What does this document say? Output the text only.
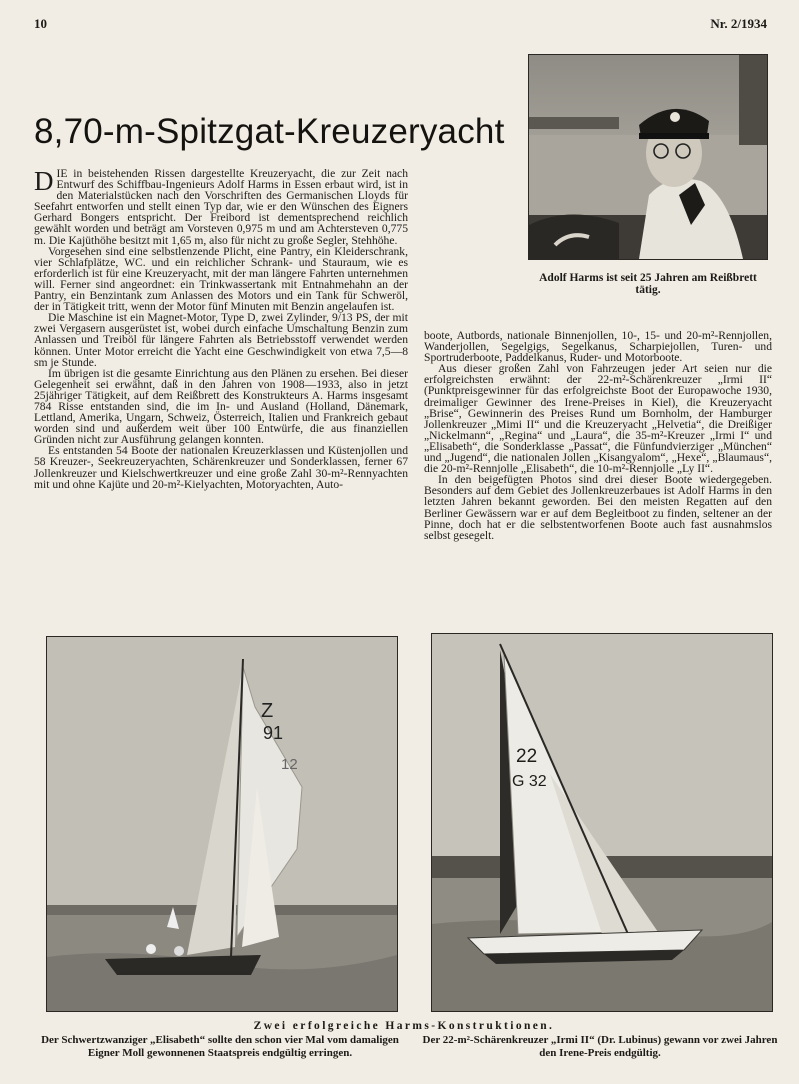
10	Nr. 2/1934
8,70-m-Spitzgat-Kreuzeryacht
Adolf Harms ist seit 25 Jahren am Reißbrett tätig.

DIE in beistehenden Rissen dargestellte Kreuzeryacht, die zur Zeit nach Entwurf des Schiffbau-Ingenieurs Adolf Harms in Essen erbaut wird, ist in den Materialstücken nach den Vorschriften des Germanischen Lloyds für Seefahrt entworfen und stellt einen Typ dar, wie er den Wünschen des Eigners Gerhard Bongers entspricht. Der Freibord ist dementsprechend reichlich gewählt worden und beträgt am Vorsteven 0,975 m und am Achtersteven 0,775 m. Die Kajüthöhe besitzt mit 1,65 m, also für nicht zu große Segler, Stehhöhe.

Vorgesehen sind eine selbstlenzende Plicht, eine Pantry, ein Kleiderschrank, vier Schlafplätze, WC. und ein reichlicher Schrank- und Stauraum, wie es erforderlich ist für eine Kreuzeryacht, mit der man längere Fahrten unternehmen will. Ferner sind angeordnet: ein Trinkwassertank mit Entnahmehahn an der Pantry, ein Benzintank zum Anlassen des Motors und ein Tank für Schweröl, der in Tätigkeit tritt, wenn der Motor fünf Minuten mit Benzin angelaufen ist.

Die Maschine ist ein Magnet-Motor, Type D, zwei Zylinder, 9/13 PS, der mit zwei Vergasern ausgerüstet ist, wobei durch einfache Umschaltung Benzin zum Anlassen und Treiböl für längere Fahrten als Betriebsstoff verwendet werden können. Unter Motor erreicht die Yacht eine Geschwindigkeit von etwa 7,5—8 sm je Stunde.

Im übrigen ist die gesamte Einrichtung aus den Plänen zu ersehen. Bei dieser Gelegenheit sei erwähnt, daß in den Jahren von 1908—1933, also in jetzt 25jähriger Tätigkeit, auf dem Reißbrett des Konstrukteurs A. Harms insgesamt 784 Risse entstanden sind, die im In- und Ausland (Holland, Dänemark, Lettland, Amerika, Ungarn, Schweiz, Österreich, Italien und Frankreich gebaut worden sind und außerdem weit über 100 Entwürfe, die aus finanziellen Gründen nicht zur Ausführung gelangen konnten.

Es entstanden 54 Boote der nationalen Kreuzerklassen und Küstenjollen und 58 Kreuzer-, Seekreuzeryachten, Schärenkreuzer und Sonderklassen, ferner 67 Jollenkreuzer und Kielschwertkreuzer und eine große Zahl 30-m²-Rennyachten mit und ohne Kajüte und 20-m²-Kielyachten, Motoryachten, Auto-

boote, Autbords, nationale Binnenjollen, 10-, 15- und 20-m²-Rennjollen, Wanderjollen, Segelgigs, Segelkanus, Scharpiejollen, Turen- und Sportruderboote, Paddelkanus, Ruder- und Motorboote.

Aus dieser großen Zahl von Fahrzeugen jeder Art seien nur die erfolgreichsten erwähnt: der 22-m²-Schärenkreuzer „Irmi II“ (Punktpreisgewinner für das erfolgreichste Boot der Europawoche 1930, dreimaliger Gewinner des Irene-Preises in Kiel), die Kreuzeryacht „Brise“, Gewinnerin des Preises Rund um Bornholm, der Hamburger Jollenkreuzer „Mimi II“ und die Kreuzeryacht „Helvetia“, die Dreißiger „Nickelmann“, „Regina“ und „Laura“, die 35-m²-Kreuzer „Irmi I“ und „Elisabeth“, die Sonderklasse „Passat“, die Fünfundvierziger „München“ und „Jugend“, die nationalen Jollen „Kisangyalom“, „Hexe“, „Blaumaus“, die 20-m²-Rennjolle „Elisabeth“, die 10-m²-Rennjolle „Ly II“.

In den beigefügten Photos sind drei dieser Boote wiedergegeben. Besonders auf dem Gebiet des Jollenkreuzerbaues ist Adolf Harms in den letzten Jahren bekannt geworden. Bei den meisten Regatten auf den Berliner Gewässern war er auf dem Begleitboot zu finden, seltener an der Pinne, doch hat er die selbstentworfenen Boote auch fast ausnahmslos selbst gesegelt.

Z
91
12	22
G 32
Zwei erfolgreiche Harms-Konstruktionen.
Der Schwertzwanziger „Elisabeth“ sollte den schon vier Mal vom damaligen Eigner Moll gewonnenen Staatspreis endgültig erringen.
Der 22-m²-Schärenkreuzer „Irmi II“ (Dr. Lubinus) gewann vor zwei Jahren den Irene-Preis endgültig.
